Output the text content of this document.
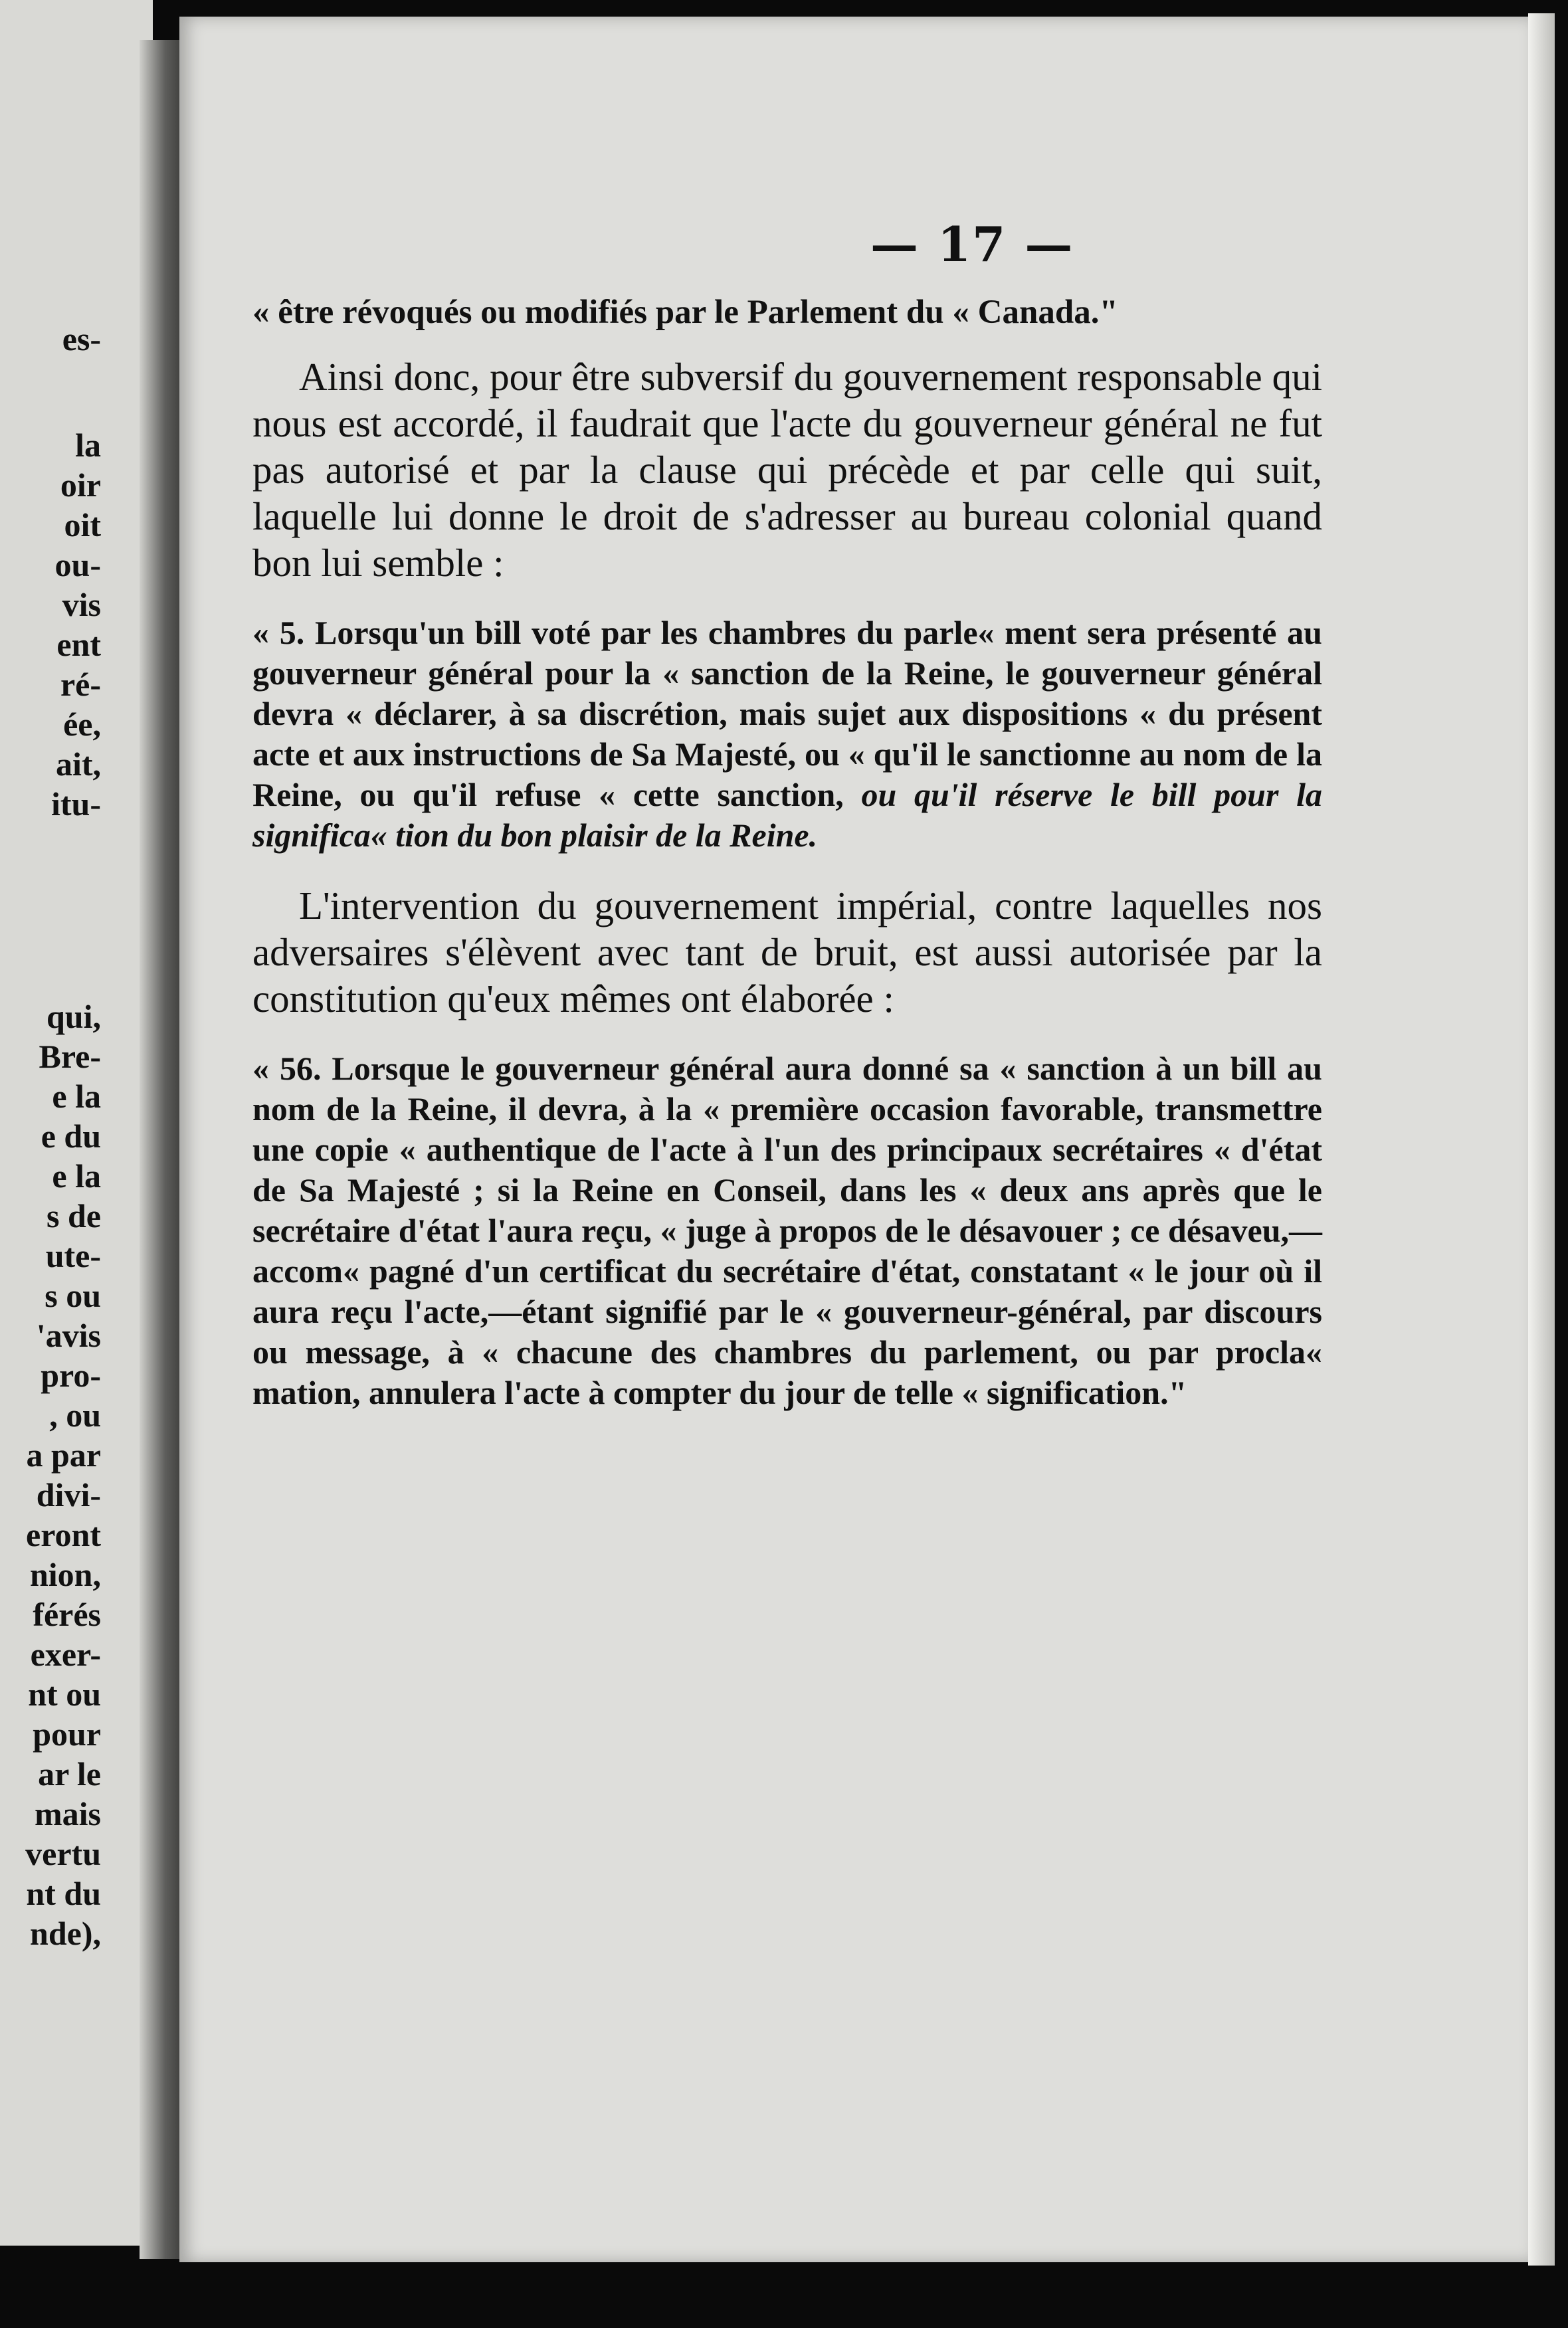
es-
la
oir
oit
ou-
vis
ent
ré-
ée,
ait,
itu-
qui,
Bre-
e la
e du
e la
s de
ute-
s ou
'avis
pro-
, ou
a par
divi-
eront
nion,
férés
exer-
nt ou
pour
ar le
mais
vertu
nt du
nde),
— 17 —

« être révoqués ou modifiés par le Parlement du « Canada."

Ainsi donc, pour être subversif du gouvernement responsable qui nous est accordé, il faudrait que l'acte du gouverneur général ne fut pas autorisé et par la clause qui précède et par celle qui suit, laquelle lui donne le droit de s'adresser au bureau colonial quand bon lui semble :

« 5. Lorsqu'un bill voté par les chambres du parle« ment sera présenté au gouverneur général pour la « sanction de la Reine, le gouverneur général devra « déclarer, à sa discrétion, mais sujet aux dispositions « du présent acte et aux instructions de Sa Majesté, ou « qu'il le sanctionne au nom de la Reine, ou qu'il refuse « cette sanction, ou qu'il réserve le bill pour la significa« tion du bon plaisir de la Reine.

L'intervention du gouvernement impérial, contre laquelles nos adversaires s'élèvent avec tant de bruit, est aussi autorisée par la constitution qu'eux mêmes ont élaborée :

« 56. Lorsque le gouverneur général aura donné sa « sanction à un bill au nom de la Reine, il devra, à la « première occasion favorable, transmettre une copie « authentique de l'acte à l'un des principaux secrétaires « d'état de Sa Majesté ; si la Reine en Conseil, dans les « deux ans après que le secrétaire d'état l'aura reçu, « juge à propos de le désavouer ; ce désaveu,—accom« pagné d'un certificat du secrétaire d'état, constatant « le jour où il aura reçu l'acte,—étant signifié par le « gouverneur-général, par discours ou message, à « chacune des chambres du parlement, ou par procla« mation, annulera l'acte à compter du jour de telle « signification."
